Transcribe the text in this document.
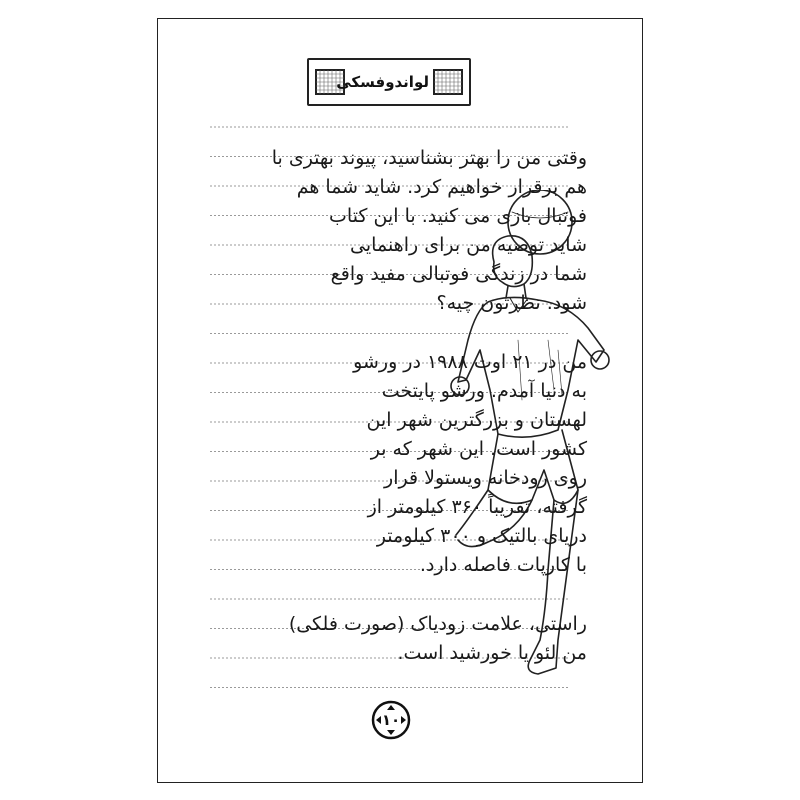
لواندوفسکی
وقتی من را بهتر بشناسید، پیوند بهتری با
هم برقرار خواهیم کرد. شاید شما هم
فوتبال بازی می کنید. با این کتاب
شاید توصیه من برای راهنمایی
شما در زندگی فوتبالی مفید واقع
شود. نظرتون چیه؟
من در ۲۱ اوت ۱۹۸۸ در ورشو
به دنیا آمدم. ورشو پایتخت
لهستان و بزرگترین شهر این
کشور است. این شهر که بر
روی رودخانه ویستولا قرار
گرفته، تقریباً ۳۶۰ کیلومتر از
دریای بالتیک و ۳۰۰ کیلومتر
با کارپات فاصله دارد.
راستی، علامت زودیاک (صورت فلکی)
من لئو یا خورشید است.
۱۰
